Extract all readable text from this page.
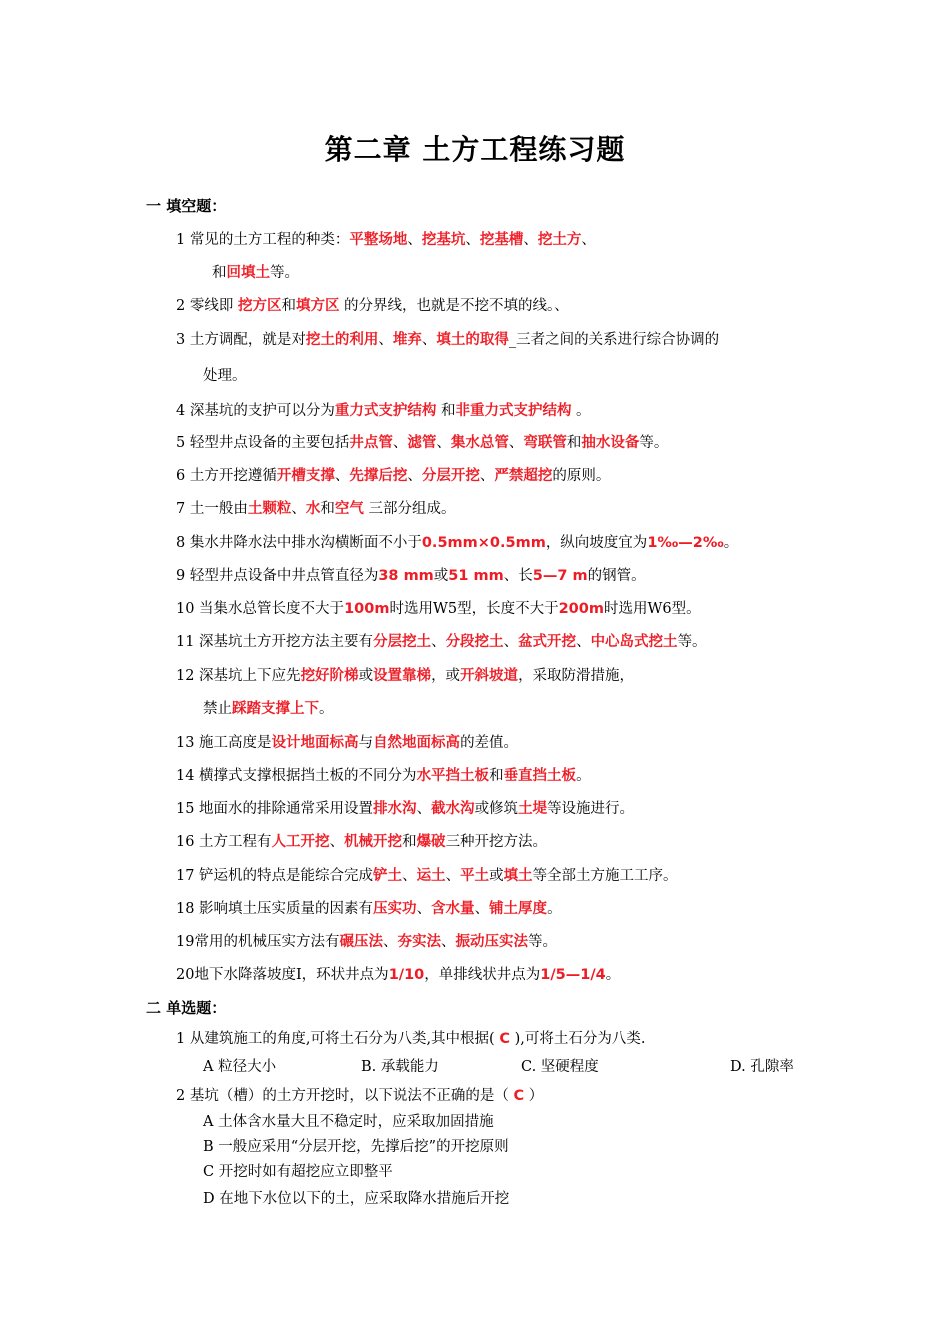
第二章 土方工程练习题
一 填空题：
1 常见的土方工程的种类：平整场地、挖基坑、挖基槽、挖土方、
和回填土等。
2 零线即 挖方区和填方区 的分界线，也就是不挖不填的线。、
3 土方调配，就是对挖土的利用、堆弃、填土的取得_三者之间的关系进行综合协调的
处理。
4 深基坑的支护可以分为重力式支护结构 和非重力式支护结构 。
5 轻型井点设备的主要包括井点管、滤管、集水总管、弯联管和抽水设备等。
6 土方开挖遵循开槽支撑、先撑后挖、分层开挖、严禁超挖的原则。
7 土一般由土颗粒、水和空气 三部分组成。
8 集水井降水法中排水沟横断面不小于0.5mm×0.5mm，纵向坡度宜为1‰—2‰。
9 轻型井点设备中井点管直径为38 mm或51 mm、长5—7 m的钢管。
10 当集水总管长度不大于100m时选用W5型，长度不大于200m时选用W6型。
11 深基坑土方开挖方法主要有分层挖土、分段挖土、盆式开挖、中心岛式挖土等。
12 深基坑上下应先挖好阶梯或设置靠梯，或开斜坡道，采取防滑措施，
禁止踩踏支撑上下。
13 施工高度是设计地面标高与自然地面标高的差值。
14 横撑式支撑根据挡土板的不同分为水平挡土板和垂直挡土板。
15 地面水的排除通常采用设置排水沟、截水沟或修筑土堤等设施进行。
16 土方工程有人工开挖、机械开挖和爆破三种开挖方法。
17 铲运机的特点是能综合完成铲土、运土、平土或填土等全部土方施工工序。
18 影响填土压实质量的因素有压实功、含水量、铺土厚度。
19常用的机械压实方法有碾压法、夯实法、振动压实法等。
20地下水降落坡度I，环状井点为1/10，单排线状井点为1/5—1/4。
二 单选题：
1 从建筑施工的角度,可将土石分为八类,其中根据( C ),可将土石分为八类.
A 粒径大小	B. 承载能力	C. 坚硬程度	D. 孔隙率
2 基坑（槽）的土方开挖时，以下说法不正确的是（ C ）
A 土体含水量大且不稳定时，应采取加固措施
B 一般应采用“分层开挖，先撑后挖”的开挖原则
C 开挖时如有超挖应立即整平
D 在地下水位以下的土，应采取降水措施后开挖
